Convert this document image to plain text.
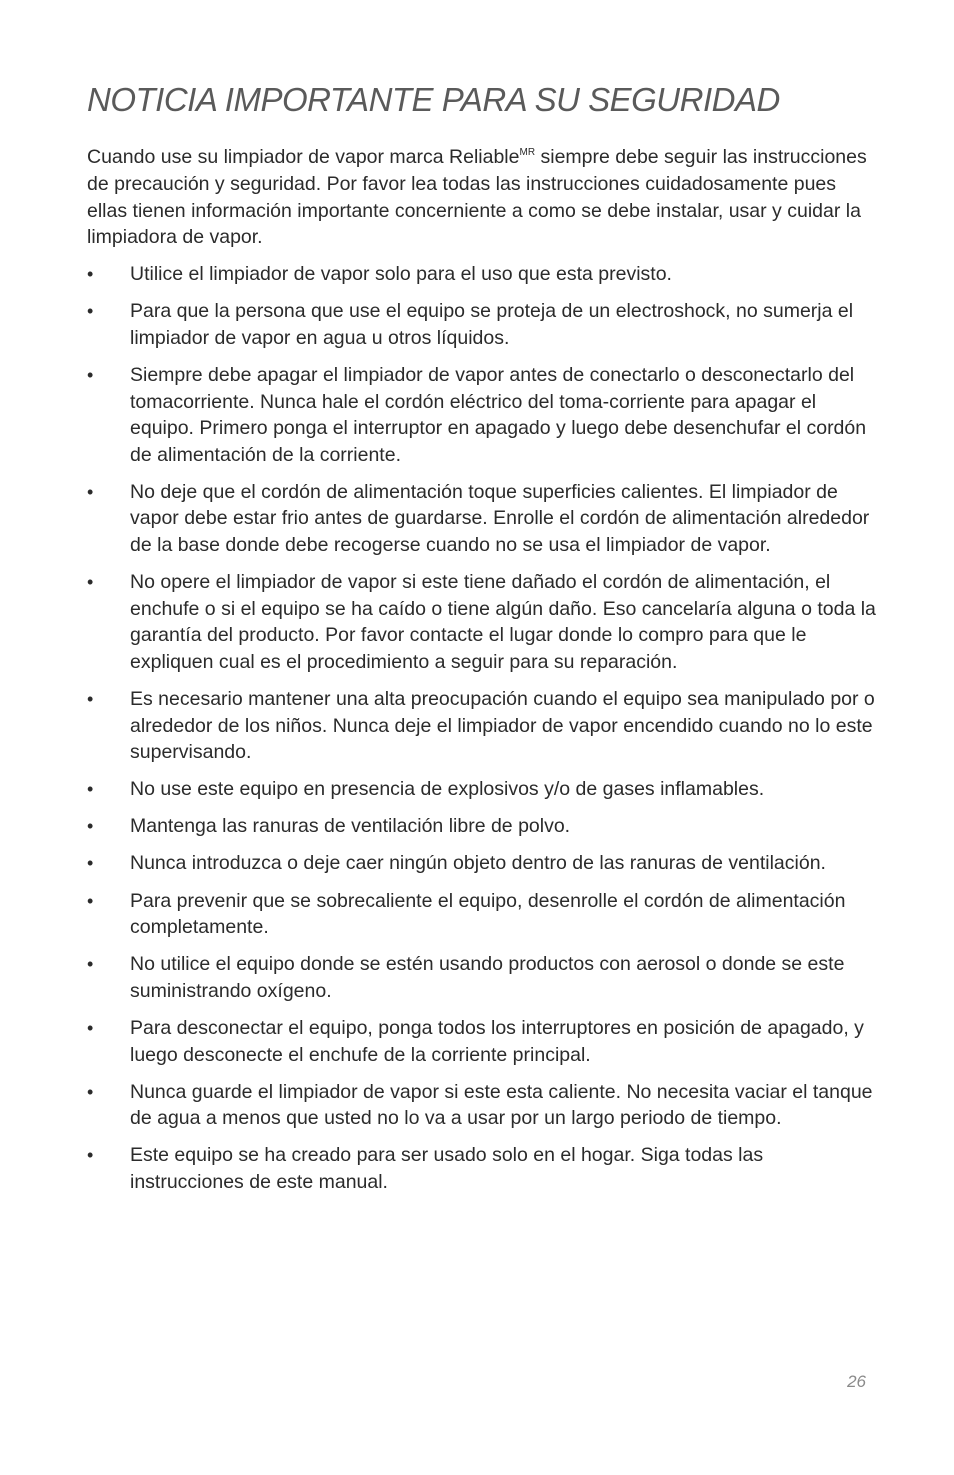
NOTICIA IMPORTANTE PARA SU SEGURIDAD

Cuando use su limpiador de vapor marca Reliable$^{MR}$ siempre debe seguir las instrucciones de precaución y seguridad. Por favor lea todas las instrucciones cuidadosamente pues ellas tienen información importante concerniente a como se debe instalar, usar y cuidar la limpiadora de vapor.

•	Utilice el limpiador de vapor solo para el uso que esta previsto.
•	Para que la persona que use el equipo se proteja de un electroshock, no sumerja el limpiador de vapor en agua u otros líquidos.
•	Siempre debe apagar el limpiador de vapor antes de conectarlo o desconectarlo del tomacorriente. Nunca hale el cordón eléctrico del toma-corriente para apagar el equipo. Primero ponga el interruptor en apagado y luego debe desenchufar el cordón de alimentación de la corriente.
•	No deje que el cordón de alimentación toque superficies calientes. El limpiador de vapor debe estar frio antes de guardarse. Enrolle el cordón de alimentación alrededor de la base donde debe recogerse cuando no se usa el limpiador de vapor.
•	No opere el limpiador de vapor si este tiene dañado el cordón de alimentación, el enchufe o si el equipo se ha caído o tiene algún daño. Eso cancelaría alguna o toda la garantía del producto. Por favor contacte el lugar donde lo compro para que le expliquen cual es el procedimiento a seguir para su reparación.
•	Es necesario mantener una alta preocupación cuando el equipo sea manipulado por o alrededor de los niños. Nunca deje el limpiador de vapor encendido cuando no lo este supervisando.
•	No use este equipo en presencia de explosivos y/o de gases inflamables.
•	Mantenga las ranuras de ventilación libre de polvo.
•	Nunca introduzca o deje caer ningún objeto dentro de las ranuras de ventilación.
•	Para prevenir que se sobrecaliente el equipo, desenrolle el cordón de alimentación completamente.
•	No utilice el equipo donde se estén usando productos con aerosol o donde se este suministrando oxígeno.
•	Para desconectar el equipo, ponga todos los interruptores en posición de apagado, y luego desconecte el enchufe de la corriente principal.
•	Nunca guarde el limpiador de vapor si este esta caliente. No necesita vaciar el tanque de agua a menos que usted no lo va a usar por un largo periodo de tiempo.
•	Este equipo se ha creado para ser usado solo en el hogar. Siga todas las instrucciones de este manual.
26
